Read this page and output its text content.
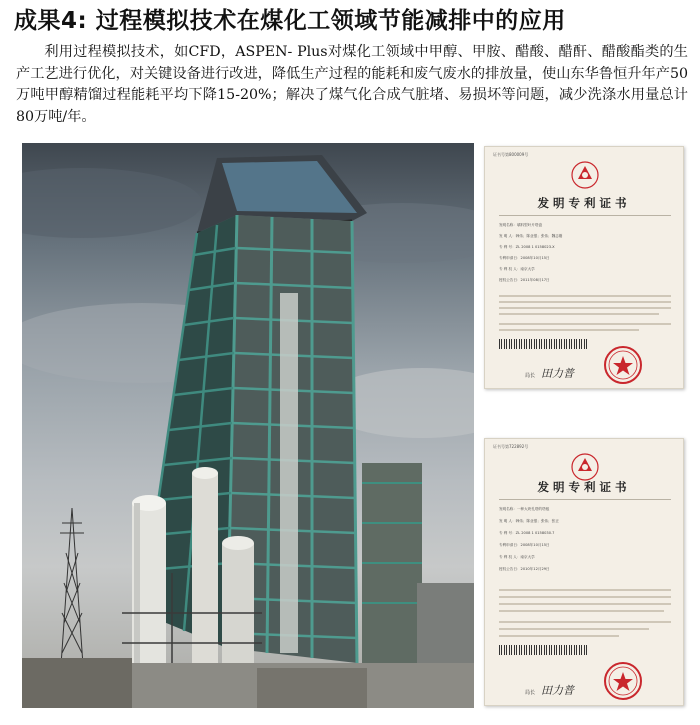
成果4: 过程模拟技术在煤化工领域节能减排中的应用

利用过程模拟技术，如CFD，ASPEN- Plus对煤化工领域中甲醇、甲胺、醋酸、醋酐、醋酸酯类的生产工艺进行优化，对关键设备进行改进，降低生产过程的能耗和废气废水的排放量，使山东华鲁恒升年产50万吨甲醇精馏过程能耗平均下降15-20%；解决了煤气化合成气脏堵、易损坏等问题，减少洗涤水用量总计80万吨/年。

证书号第800009号
发明专利证书
发明名称：填料型叶片塔盘
发 明 人：韩伟；陈业强；张伟；魏志刚
专 利 号：ZL 2008 1 0158023.X
专利申请日：2008年10月15日
专 利 权 人：南京大学
授权公告日：2011年08月17日
局长 田力普
证书号第722892号
发明专利证书
发明名称：一种大块孔塔的塔板
发 明 人：韩伟；陈业强；张伟；张正
专 利 号：ZL 2008 1 0158030.7
专利申请日：2008年10月15日
专 利 权 人：南京大学
授权公告日：2010年12月29日
局长 田力普
